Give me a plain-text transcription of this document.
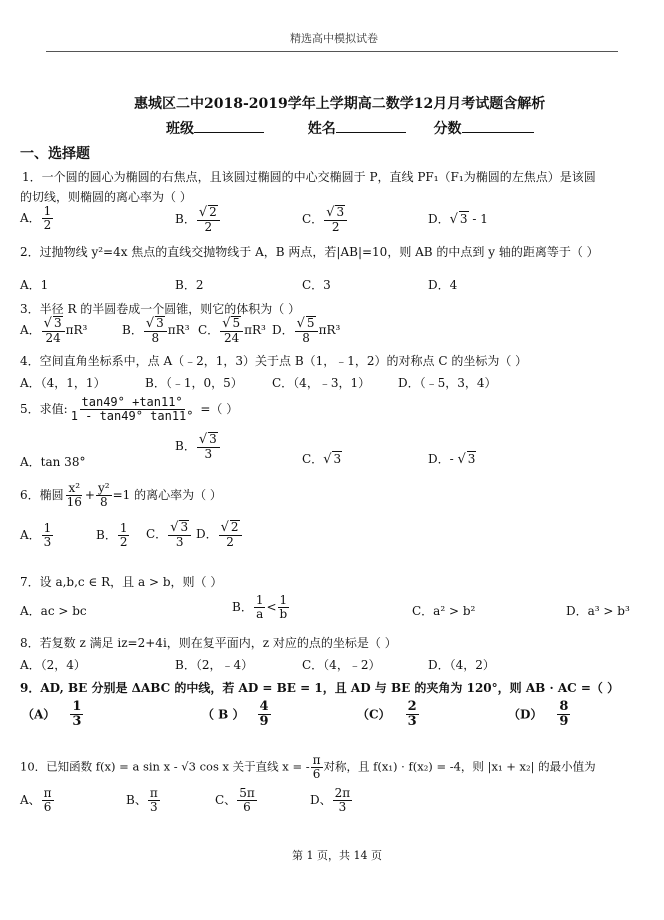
精选高中模拟试卷
惠城区二中2018-2019学年上学期高二数学12月月考试题含解析
班级	姓名	分数
一、选择题
1．一个圆的圆心为椭圆的右焦点，且该圆过椭圆的中心交椭圆于 P，直线 PF₁（F₁为椭圆的左焦点）是该圆
的切线，则椭圆的离心率为（ ）
A． $\frac{1}{2}$	B． $\frac{√ 2}{2}$	C． $\frac{√ 3}{2}$	D．√ 3 - 1
2．过抛物线 y²=4x 焦点的直线交抛物线于 A，B 两点，若|AB|=10，则 AB 的中点到 y 轴的距离等于（ ）
A．1	B．2	C．3	D．4
3．半径 R 的半圆卷成一个圆锥，则它的体积为（ ）
A． $\frac{√ 3}{24} \pi R^3$	B． $\frac{√ 3}{8} \pi R^3$ C． $\frac{√ 5}{24} \pi R^3$ D． $\frac{√ 5}{8} \pi R^3$
4．空间直角坐标系中，点 A（﹣2，1，3）关于点 B（1，﹣1，2）的对称点 C 的坐标为（ ）
A．（4，1，1）	B．（﹣1，0，5） C．（4，﹣3，1） D．（﹣5，3，4）
5．求值: $\frac{\tan 49^\circ +\tan 11^\circ}{1 - \tan 49^\circ \tan 11^\circ}$ =（ ）
A．tan 38°
B． $\frac{√ 3}{3}$	C．√ 3	D．- √ 3
6．椭圆 $\frac{\text{x²}}{16} + \frac{\text{y²}}{8} =1$ 的离心率为（ ）
A． $\frac{1}{3}$	B． $\frac{1}{2}$ C． $\frac{√ 3}{3}$ D． $\frac{√ 2}{2}$
7．设 a,b,c ∈ R，且 a > b，则（ ）
A．ac > bc	B． $\frac{1}{a} < \frac{1}{b}$	C．a² > b²	D．a³ > b³
8．若复数 z 满足 iz=2+4i，则在复平面内，z 对应的点的坐标是（ ）
A．（2，4）	B．（2，﹣4）	C．（4，﹣2）	D．（4，2）
9．AD, BE 分别是 ΔABC 的中线，若 AD = BE = 1，且 AD 与 BE 的夹角为 120°，则 AB · AC =（ ）
$(A) \frac{1}{3}$	（ B ） $\frac{4}{9}$	$(C) \frac{2}{3}$	$(D) \frac{8}{9}$
10．已知函数 f(x) = a sin x - √3 cos x 关于直线 x = - $\frac{\pi}{6}$ 对称，且 f(x₁) · f(x₂) = -4，则 |x₁ + x₂| 的最小值为
A、 $\frac{\pi}{6}$	B、 $\frac{\pi}{3}$	C、 $\frac{5\pi}{6}$	D、 $\frac{2\pi}{3}$
第 1 页，共 14 页
